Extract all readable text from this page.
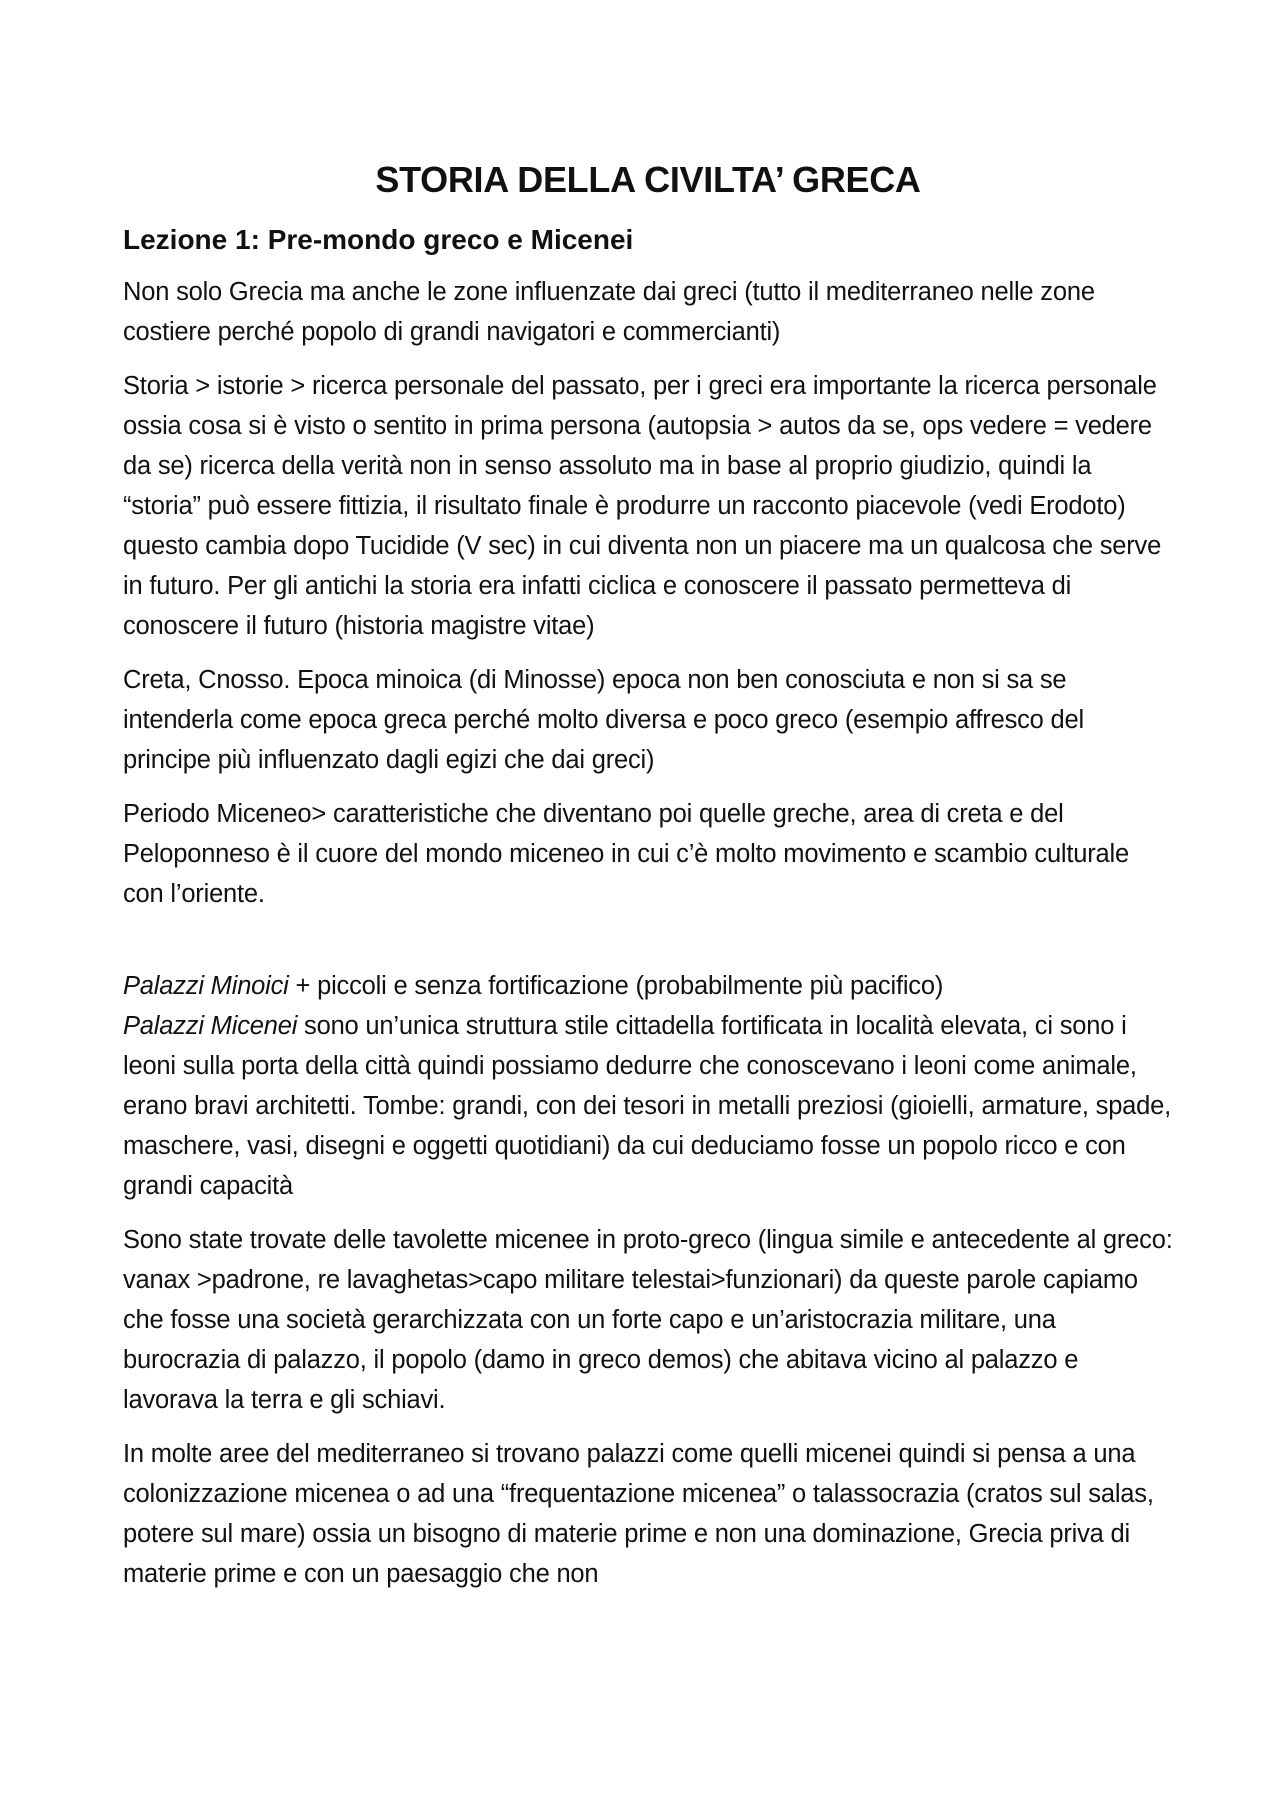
STORIA DELLA CIVILTA’ GRECA
Lezione 1: Pre-mondo greco e Micenei

Non solo Grecia ma anche le zone influenzate dai greci (tutto il mediterraneo nelle zone costiere perché popolo di grandi navigatori e commercianti)

Storia > istorie > ricerca personale del passato, per i greci era importante la ricerca personale ossia cosa si è visto o sentito in prima persona (autopsia > autos da se, ops vedere = vedere da se) ricerca della verità non in senso assoluto ma in base al proprio giudizio, quindi la “storia” può essere fittizia, il risultato finale è produrre un racconto piacevole (vedi Erodoto) questo cambia dopo Tucidide (V sec) in cui diventa non un piacere ma un qualcosa che serve in futuro. Per gli antichi la storia era infatti ciclica e conoscere il passato permetteva di conoscere il futuro (historia magistre vitae)

Creta, Cnosso. Epoca minoica (di Minosse) epoca non ben conosciuta e non si sa se intenderla come epoca greca perché molto diversa e poco greco (esempio affresco del principe più influenzato dagli egizi che dai greci)

Periodo Miceneo> caratteristiche che diventano poi quelle greche, area di creta e del Peloponneso è il cuore del mondo miceneo in cui c’è molto movimento e scambio culturale con l’oriente.

Palazzi Minoici + piccoli e senza fortificazione (probabilmente più pacifico)
Palazzi Micenei sono un’unica struttura stile cittadella fortificata in località elevata, ci sono i leoni sulla porta della città quindi possiamo dedurre che conoscevano i leoni come animale, erano bravi architetti. Tombe: grandi, con dei tesori in metalli preziosi (gioielli, armature, spade, maschere, vasi, disegni e oggetti quotidiani) da cui deduciamo fosse un popolo ricco e con grandi capacità

Sono state trovate delle tavolette micenee in proto-greco (lingua simile e antecedente al greco: vanax >padrone, re lavaghetas>capo militare telestai>funzionari) da queste parole capiamo che fosse una società gerarchizzata con un forte capo e un’aristocrazia militare, una burocrazia di palazzo, il popolo (damo in greco demos) che abitava vicino al palazzo e lavorava la terra e gli schiavi.

In molte aree del mediterraneo si trovano palazzi come quelli micenei quindi si pensa a una colonizzazione micenea o ad una “frequentazione micenea” o talassocrazia (cratos sul salas, potere sul mare) ossia un bisogno di materie prime e non una dominazione, Grecia priva di materie prime e con un paesaggio che non
